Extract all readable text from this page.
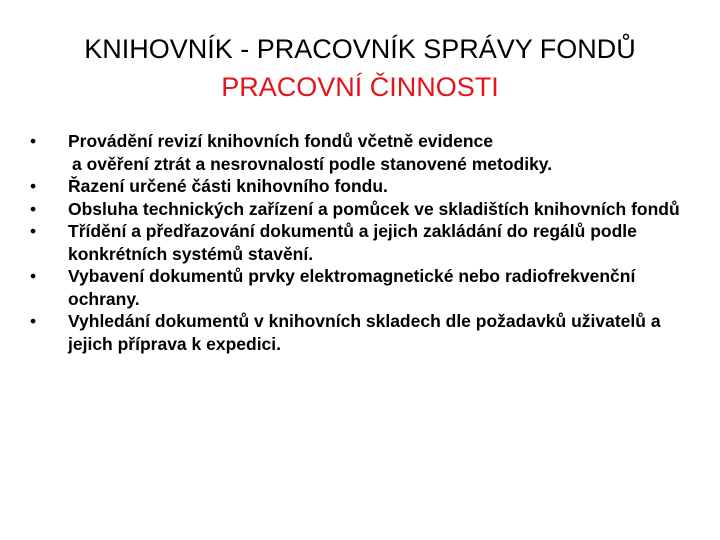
KNIHOVNÍK - PRACOVNÍK SPRÁVY FONDŮ
PRACOVNÍ ČINNOSTI
• Provádění revizí knihovních fondů včetně evidence
a ověření ztrát a nesrovnalostí podle stanovené metodiky.
• Řazení určené části knihovního fondu.
• Obsluha technických zařízení a pomůcek ve skladištích knihovních fondů
• Třídění a předřazování dokumentů a jejich zakládání do regálů podle konkrétních systémů stavění.
• Vybavení dokumentů prvky elektromagnetické nebo radiofrekvenční ochrany.
• Vyhledání dokumentů v knihovních skladech dle požadavků uživatelů a jejich příprava k expedici.
